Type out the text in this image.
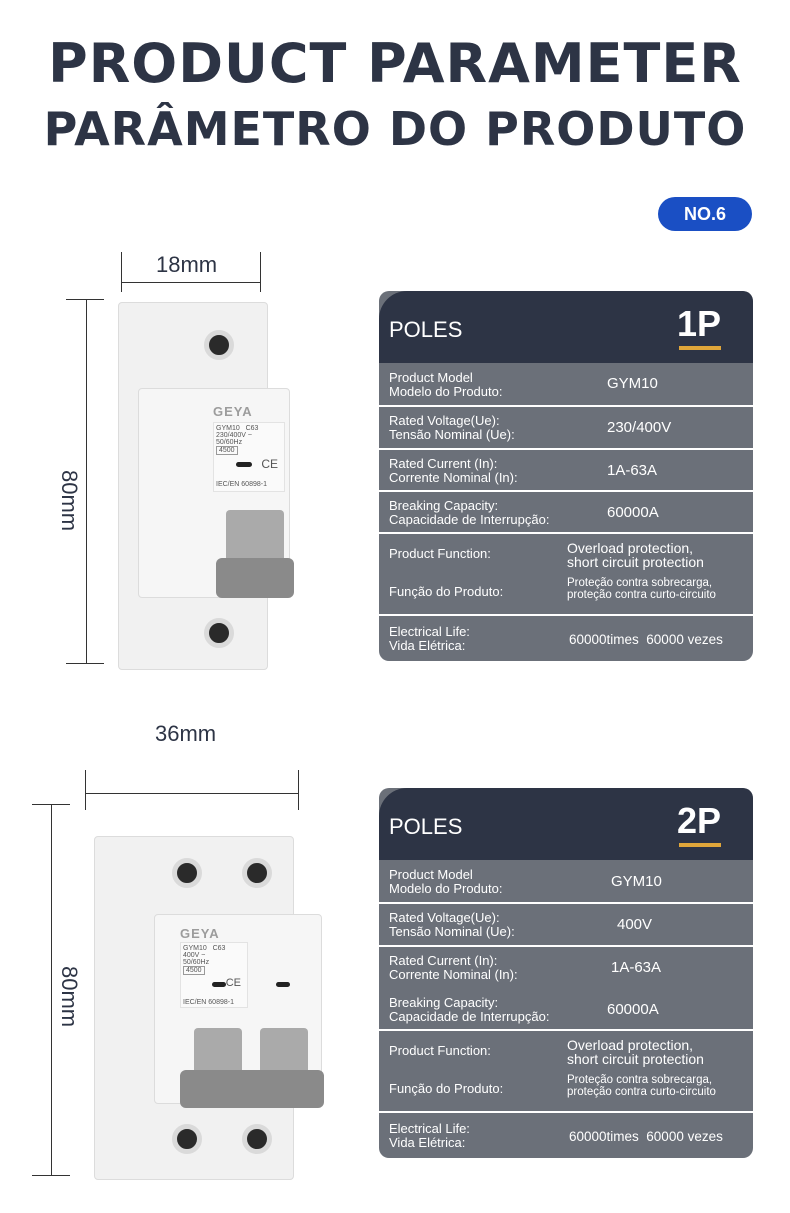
PRODUCT PARAMETER
PARÂMETRO DO PRODUTO
NO.6
18mm
80mm
GEYA
GYM10 C63
230/400V ~
50/60Hz
4500
CE
IEC/EN 60898-1
POLES	1P
Product Model
Modelo do Produto:	GYM10
Rated Voltage(Ue):
Tensão Nominal (Ue):	230/400V
Rated Current (In):
Corrente Nominal (In):	1A-63A
Breaking Capacity:
Capacidade de Interrupção:	60000A
Product Function:	Overload protection,
short circuit protection
Função do Produto:
Proteção contra sobrecarga,
proteção contra curto-circuito
Electrical Life:
Vida Elétrica:	60000times  60000 vezes
36mm
80mm
GEYA
GYM10 C63
400V ~
50/60Hz
4500
CE
IEC/EN 60898-1
POLES	2P
Product Model
Modelo do Produto:	GYM10
Rated Voltage(Ue):
Tensão Nominal (Ue):	400V
Rated Current (In):
Corrente Nominal (In):	1A-63A
Breaking Capacity:
Capacidade de Interrupção:	60000A
Product Function:	Overload protection,
short circuit protection
Função do Produto:
Proteção contra sobrecarga,
proteção contra curto-circuito
Electrical Life:
Vida Elétrica:	60000times  60000 vezes
